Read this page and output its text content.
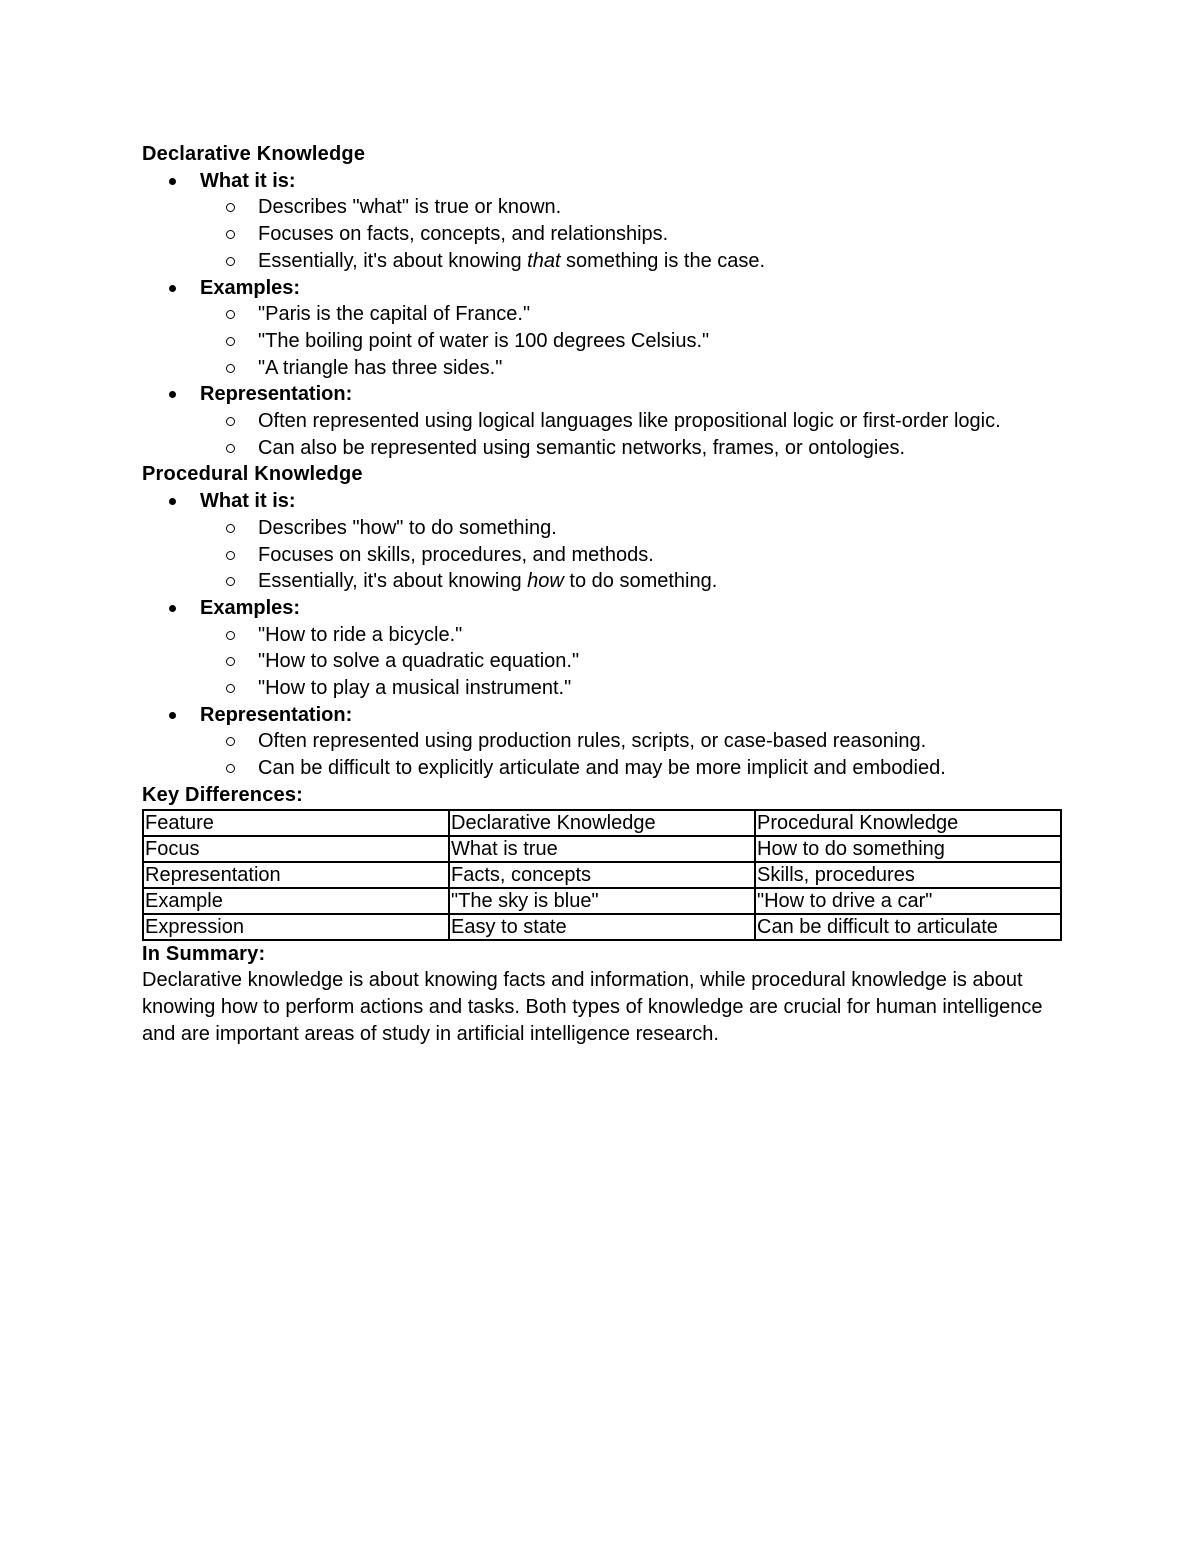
Declarative Knowledge
What it is:
Describes "what" is true or known.
Focuses on facts, concepts, and relationships.
Essentially, it's about knowing that something is the case.
Examples:
"Paris is the capital of France."
"The boiling point of water is 100 degrees Celsius."
"A triangle has three sides."
Representation:
Often represented using logical languages like propositional logic or first-order logic.
Can also be represented using semantic networks, frames, or ontologies.
Procedural Knowledge
What it is:
Describes "how" to do something.
Focuses on skills, procedures, and methods.
Essentially, it's about knowing how to do something.
Examples:
"How to ride a bicycle."
"How to solve a quadratic equation."
"How to play a musical instrument."
Representation:
Often represented using production rules, scripts, or case-based reasoning.
Can be difficult to explicitly articulate and may be more implicit and embodied.
Key Differences:
Feature	Declarative Knowledge	Procedural Knowledge
Focus	What is true	How to do something
Representation	Facts, concepts	Skills, procedures
Example	"The sky is blue"	"How to drive a car"
Expression	Easy to state	Can be difficult to articulate
In Summary:

Declarative knowledge is about knowing facts and information, while procedural knowledge is about knowing how to perform actions and tasks. Both types of knowledge are crucial for human intelligence and are important areas of study in artificial intelligence research.
